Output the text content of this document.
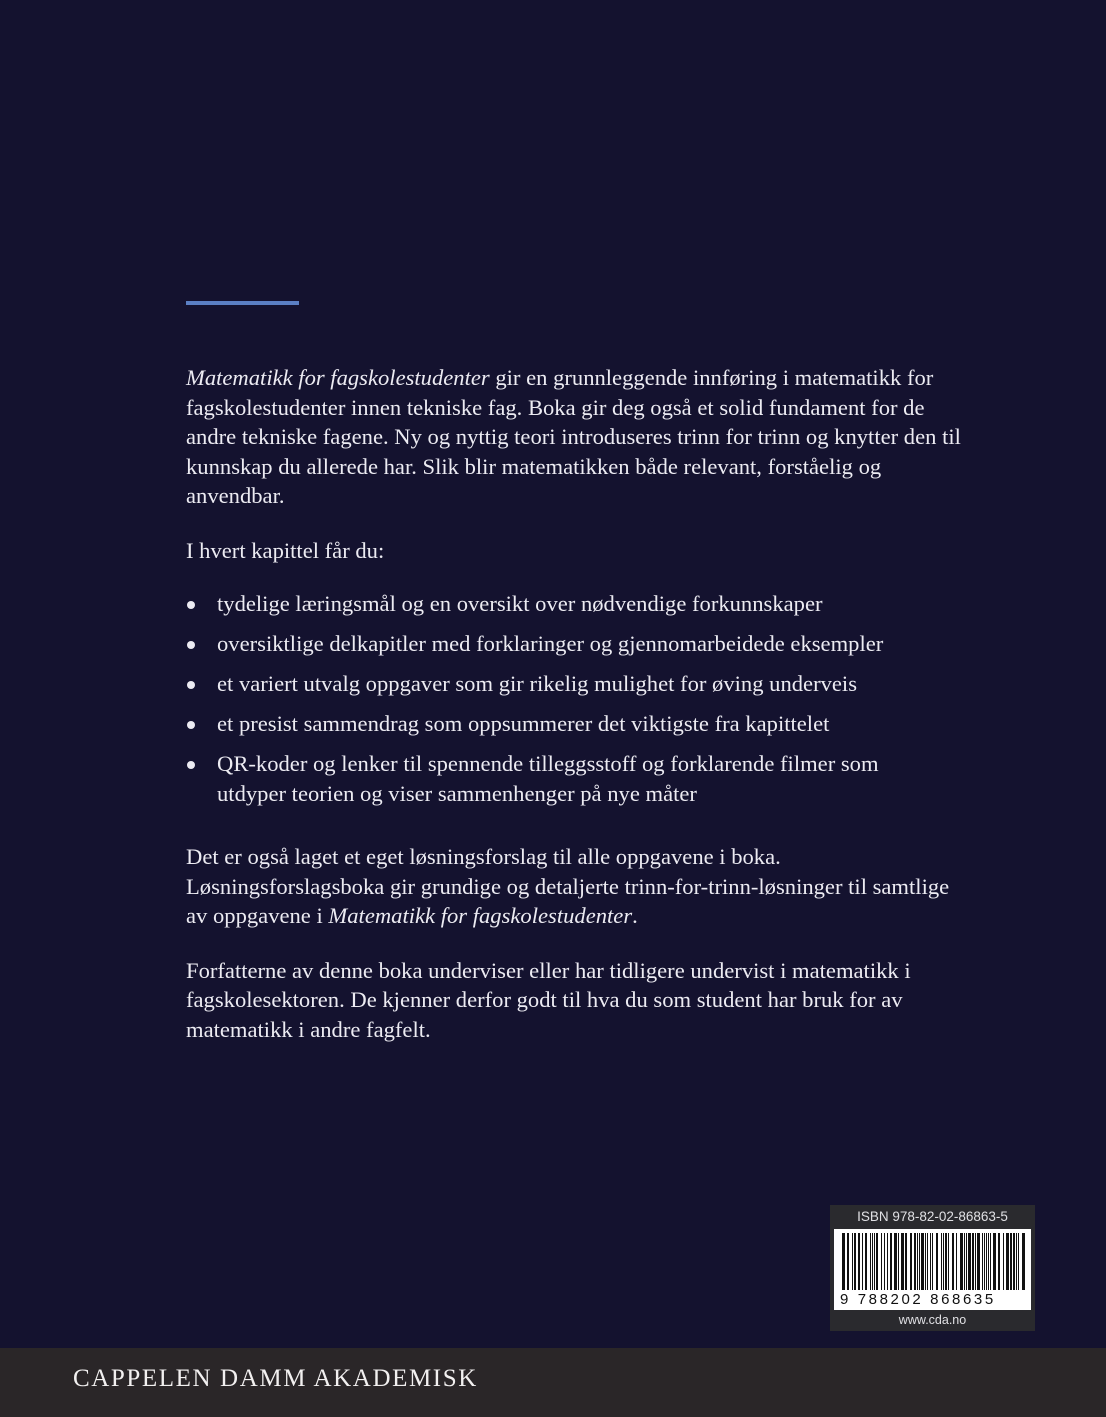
Matematikk for fagskolestudenter gir en grunnleggende innføring i matematikk for fagskolestudenter innen tekniske fag. Boka gir deg også et solid fundament for de andre tekniske fagene. Ny og nyttig teori introduseres trinn for trinn og knytter den til kunnskap du allerede har. Slik blir matematikken både relevant, forståelig og anvendbar.

I hvert kapittel får du:

tydelige læringsmål og en oversikt over nødvendige forkunnskaper
oversiktlige delkapitler med forklaringer og gjennomarbeidede eksempler
et variert utvalg oppgaver som gir rikelig mulighet for øving underveis
et presist sammendrag som oppsummerer det viktigste fra kapittelet
QR-koder og lenker til spennende tilleggsstoff og forklarende filmer som utdyper teorien og viser sammenhenger på nye måter

Det er også laget et eget løsningsforslag til alle oppgavene i boka. Løsningsforslagsboka gir grundige og detaljerte trinn-for-trinn-løsninger til samtlige av oppgavene i Matematikk for fagskolestudenter.

Forfatterne av denne boka underviser eller har tidligere undervist i matematikk i fagskolesektoren. De kjenner derfor godt til hva du som student har bruk for av matematikk i andre fagfelt.

ISBN 978-82-02-86863-5
9 788202 868635
www.cda.no
CAPPELEN DAMM AKADEMISK
